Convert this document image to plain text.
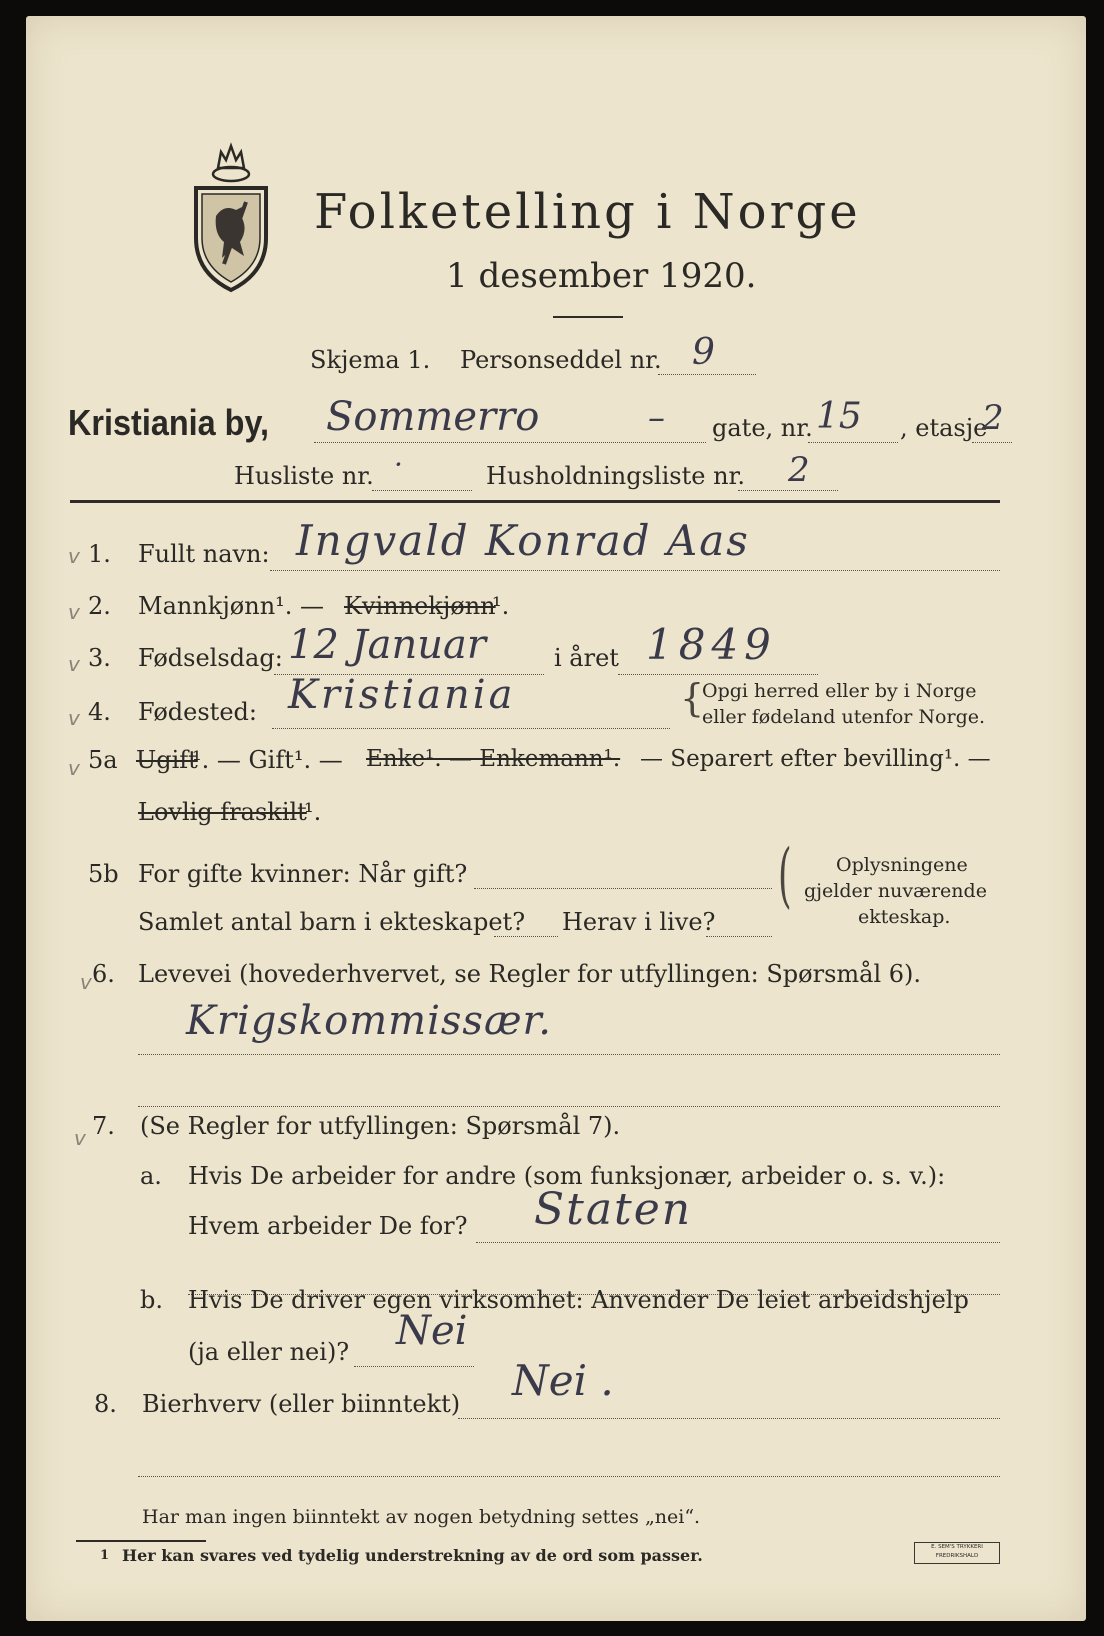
Folketelling i Norge
1 desember 1920.
Skjema 1. Personseddel nr. 9
Kristiania by, Sommerro	– gate, nr. 15 , etasje
2
Husliste nr. ·	Husholdningsliste nr. 2
v 1. Fullt navn: Ingvald Konrad Aas
v 2. Mannkjønn¹. — Kvinnekjønn
¹.
v 3. Fødselsdag: 12 Januar	i året 1849
v 4. Fødested: Kristiania	{
Opgi herred eller by i Norge
eller fødeland utenfor Norge.
v 5a Ugift
¹. — Gift¹. — Enke¹. — Enkemann¹. — Separert efter bevilling¹. —
Lovlig fraskilt
¹.
5b For gifte kvinner: Når gift?
Samlet antal barn i ekteskapet? Herav i live?
( Oplysningene
gjelder nuværende
ekteskap.
v 6. Levevei (hovederhvervet, se Regler for utfyllingen: Spørsmål 6).
Krigskommissær.
v 7. (Se Regler for utfyllingen: Spørsmål 7).
a. Hvis De arbeider for andre (som funksjonær, arbeider o. s. v.):
Hvem arbeider De for? Staten
b. Hvis De driver egen virksomhet: Anvender De leiet arbeidshjelp
(ja eller nei)? Nei
8. Bierhverv (eller biinntekt) Nei .
Har man ingen biinntekt av nogen betydning settes „nei“.
1 Her kan svares ved tydelig understrekning av de ord som passer.	E. SEM'S TRYKKERI FREDRIKSHALD
